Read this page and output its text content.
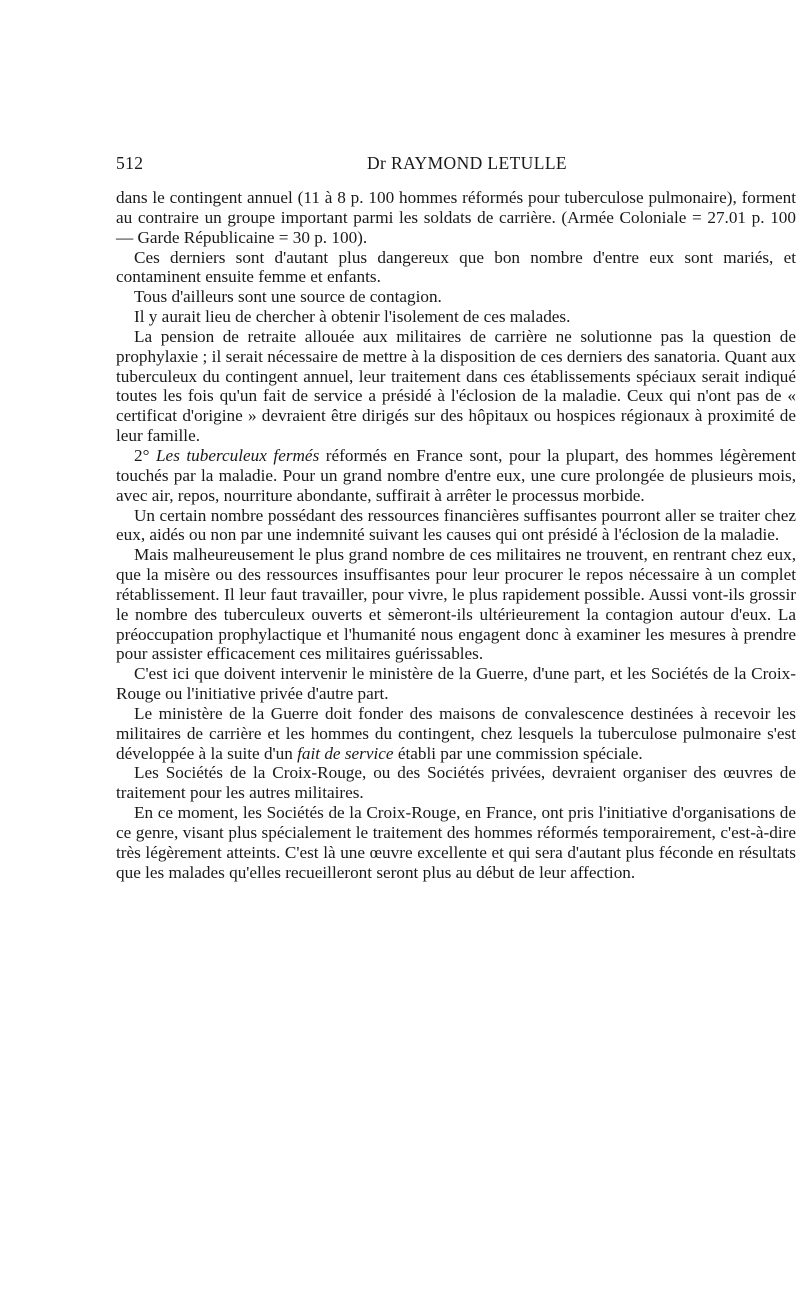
512	Dr RAYMOND LETULLE

dans le contingent annuel (11 à 8 p. 100 hommes réformés pour tuberculose pulmonaire), forment au contraire un groupe important parmi les soldats de carrière. (Armée Coloniale = 27.01 p. 100 — Garde Républicaine = 30 p. 100).

Ces derniers sont d'autant plus dangereux que bon nombre d'entre eux sont mariés, et contaminent ensuite femme et enfants.

Tous d'ailleurs sont une source de contagion.

Il y aurait lieu de chercher à obtenir l'isolement de ces malades.

La pension de retraite allouée aux militaires de carrière ne solutionne pas la question de prophylaxie ; il serait nécessaire de mettre à la disposition de ces derniers des sanatoria. Quant aux tuberculeux du contingent annuel, leur traitement dans ces établissements spéciaux serait indiqué toutes les fois qu'un fait de service a présidé à l'éclosion de la maladie. Ceux qui n'ont pas de « certificat d'origine » devraient être dirigés sur des hôpitaux ou hospices régionaux à proximité de leur famille.

2° Les tuberculeux fermés réformés en France sont, pour la plupart, des hommes légèrement touchés par la maladie. Pour un grand nombre d'entre eux, une cure prolongée de plusieurs mois, avec air, repos, nourriture abondante, suffirait à arrêter le processus morbide.

Un certain nombre possédant des ressources financières suffisantes pourront aller se traiter chez eux, aidés ou non par une indemnité suivant les causes qui ont présidé à l'éclosion de la maladie.

Mais malheureusement le plus grand nombre de ces militaires ne trouvent, en rentrant chez eux, que la misère ou des ressources insuffisantes pour leur procurer le repos nécessaire à un complet rétablissement. Il leur faut travailler, pour vivre, le plus rapidement possible. Aussi vont-ils grossir le nombre des tuberculeux ouverts et sèmeront-ils ultérieurement la contagion autour d'eux. La préoccupation prophylactique et l'humanité nous engagent donc à examiner les mesures à prendre pour assister efficacement ces militaires guérissables.

C'est ici que doivent intervenir le ministère de la Guerre, d'une part, et les Sociétés de la Croix-Rouge ou l'initiative privée d'autre part.

Le ministère de la Guerre doit fonder des maisons de convalescence destinées à recevoir les militaires de carrière et les hommes du contingent, chez lesquels la tuberculose pulmonaire s'est développée à la suite d'un fait de service établi par une commission spéciale.

Les Sociétés de la Croix-Rouge, ou des Sociétés privées, devraient organiser des œuvres de traitement pour les autres militaires.

En ce moment, les Sociétés de la Croix-Rouge, en France, ont pris l'initiative d'organisations de ce genre, visant plus spécialement le traitement des hommes réformés temporairement, c'est-à-dire très légèrement atteints. C'est là une œuvre excellente et qui sera d'autant plus féconde en résultats que les malades qu'elles recueilleront seront plus au début de leur affection.
